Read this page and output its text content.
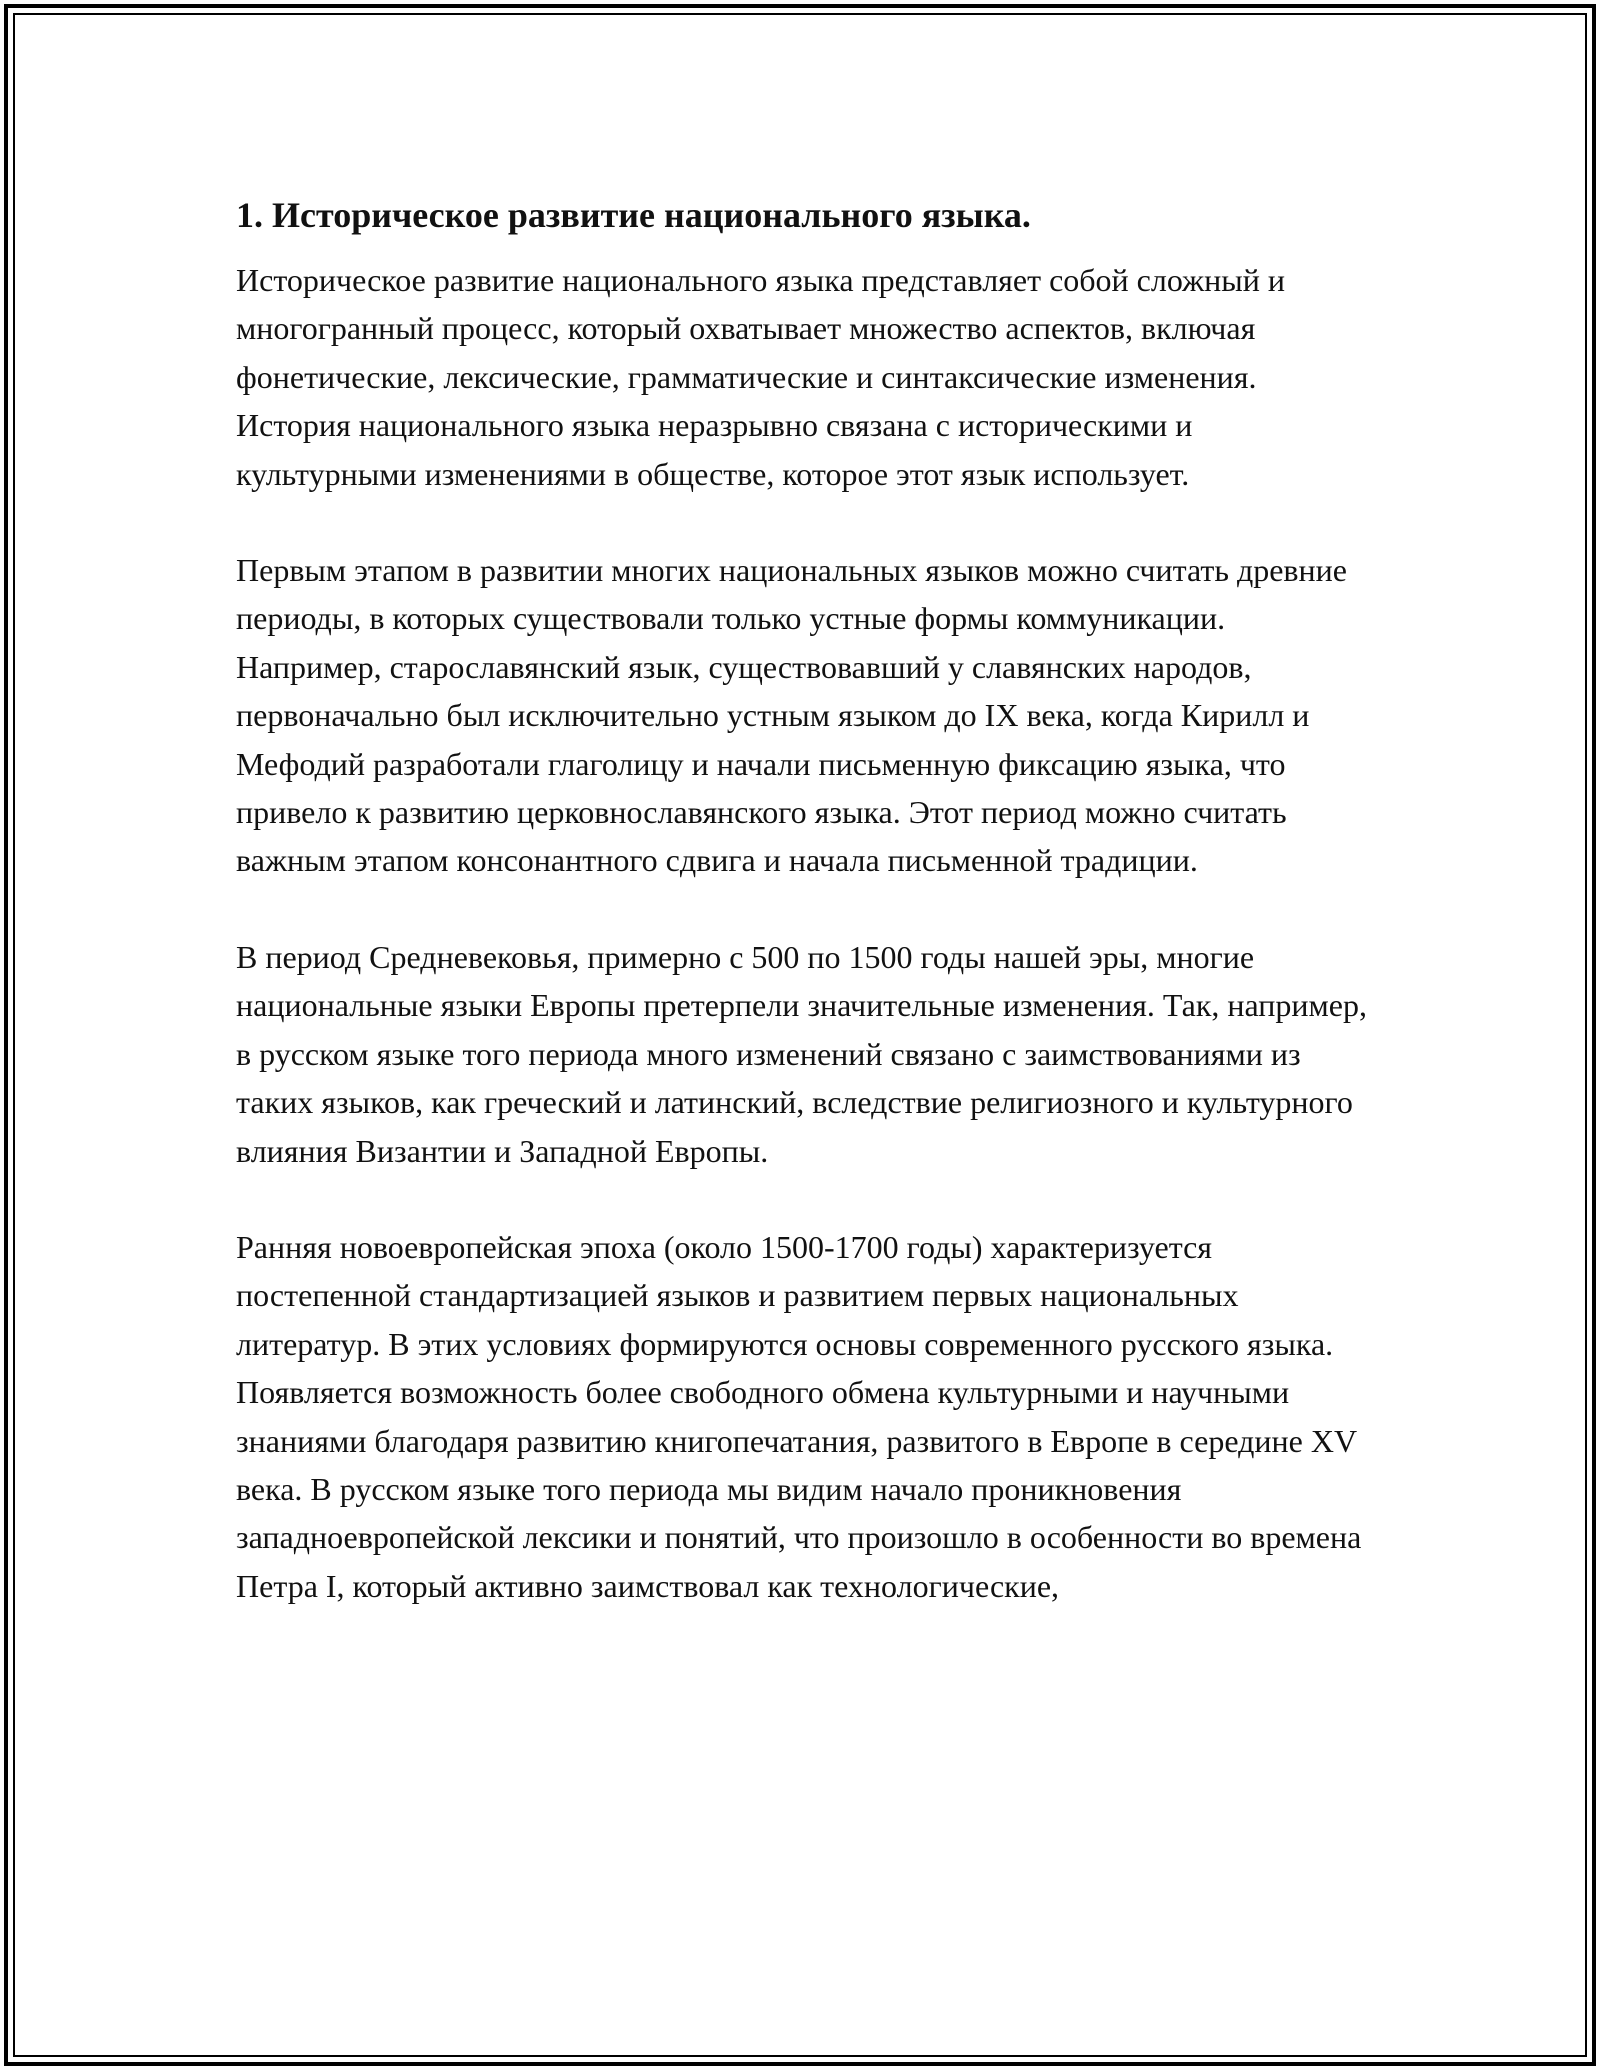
1. Историческое развитие национального языка.

Историческое развитие национального языка представляет собой сложный и многогранный процесс, который охватывает множество аспектов, включая фонетические, лексические, грамматические и синтаксические изменения. История национального языка неразрывно связана с историческими и культурными изменениями в обществе, которое этот язык использует.

Первым этапом в развитии многих национальных языков можно считать древние периоды, в которых существовали только устные формы коммуникации. Например, старославянский язык, существовавший у славянских народов, первоначально был исключительно устным языком до IX века, когда Кирилл и Мефодий разработали глаголицу и начали письменную фиксацию языка, что привело к развитию церковнославянского языка. Этот период можно считать важным этапом консонантного сдвига и начала письменной традиции.

В период Средневековья, примерно с 500 по 1500 годы нашей эры, многие национальные языки Европы претерпели значительные изменения. Так, например, в русском языке того периода много изменений связано с заимствованиями из таких языков, как греческий и латинский, вследствие религиозного и культурного влияния Византии и Западной Европы.

Ранняя новоевропейская эпоха (около 1500-1700 годы) характеризуется постепенной стандартизацией языков и развитием первых национальных литератур. В этих условиях формируются основы современного русского языка. Появляется возможность более свободного обмена культурными и научными знаниями благодаря развитию книгопечатания, развитого в Европе в середине XV века. В русском языке того периода мы видим начало проникновения западноевропейской лексики и понятий, что произошло в особенности во времена Петра I, который активно заимствовал как технологические,
